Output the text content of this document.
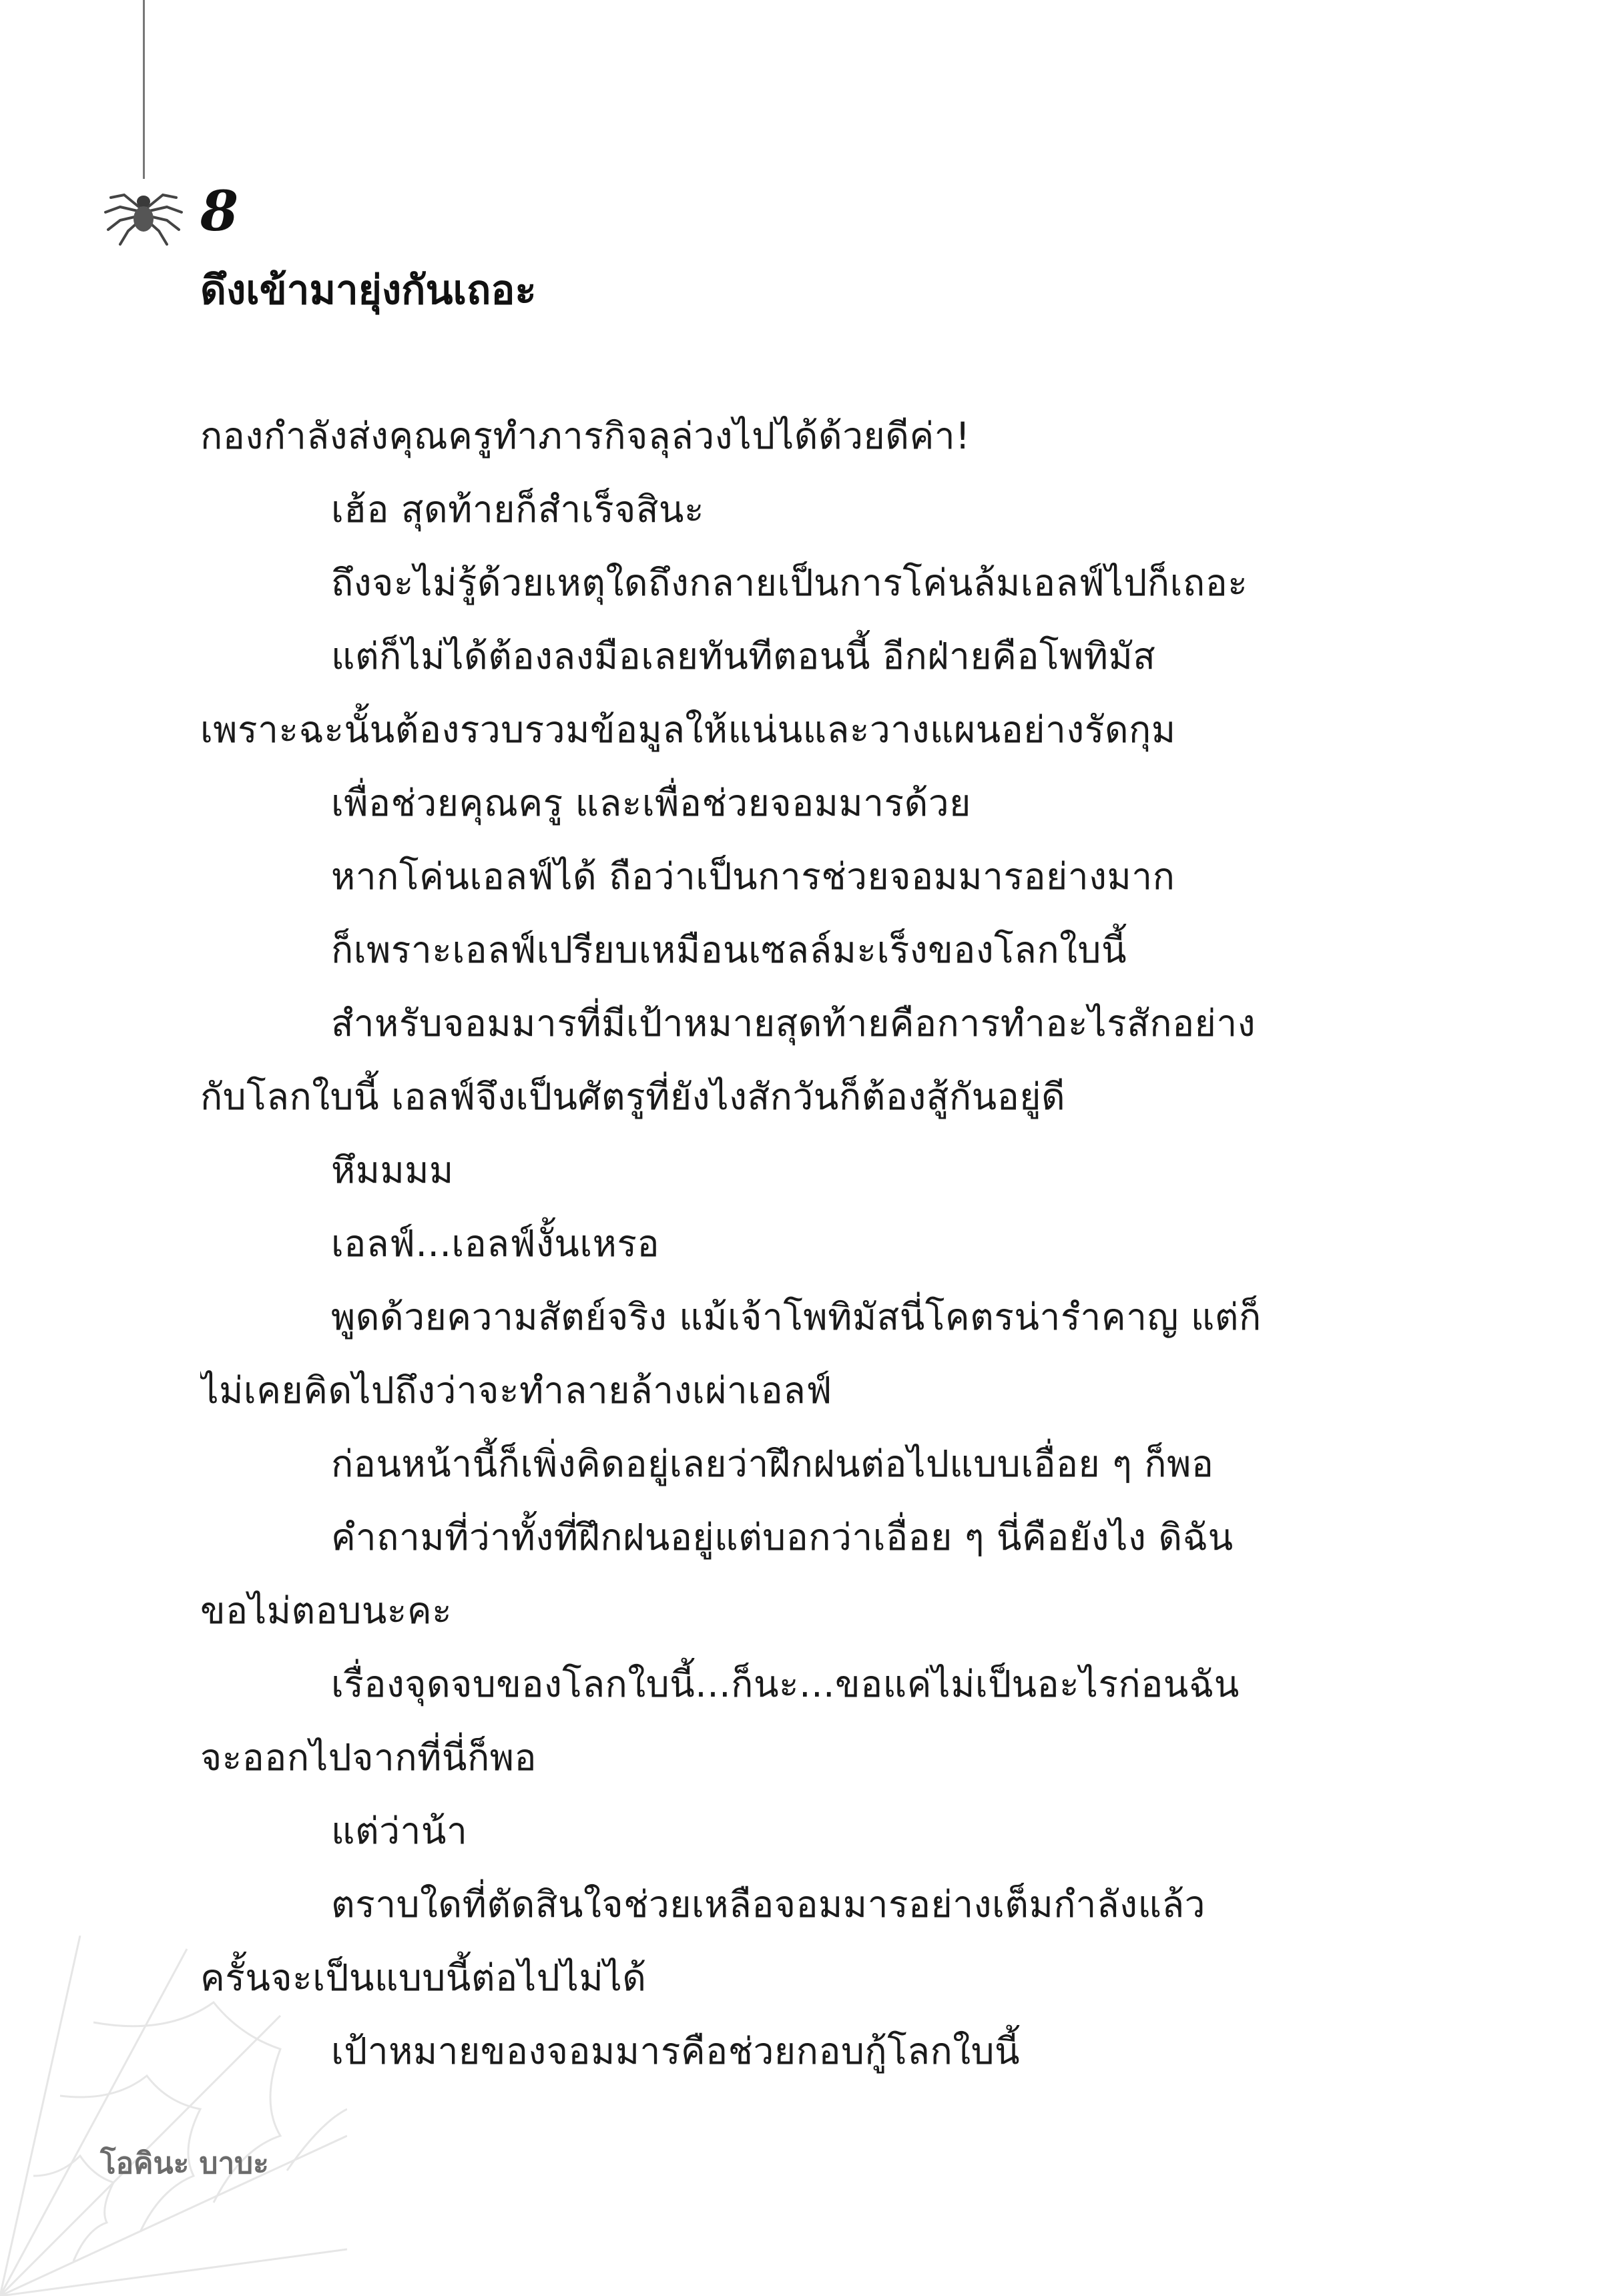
8
ดึงเข้ามายุ่งกันเถอะ

กองกำลังส่งคุณครูทำภารกิจลุล่วงไปได้ด้วยดีค่า!

เฮ้อ สุดท้ายก็สำเร็จสินะ

ถึงจะไม่รู้ด้วยเหตุใดถึงกลายเป็นการโค่นล้มเอลฟ์ไปก็เถอะ

แต่ก็ไม่ได้ต้องลงมือเลยทันทีตอนนี้ อีกฝ่ายคือโพทิมัส

เพราะฉะนั้นต้องรวบรวมข้อมูลให้แน่นและวางแผนอย่างรัดกุม

เพื่อช่วยคุณครู และเพื่อช่วยจอมมารด้วย

หากโค่นเอลฟ์ได้ ถือว่าเป็นการช่วยจอมมารอย่างมาก

ก็เพราะเอลฟ์เปรียบเหมือนเซลล์มะเร็งของโลกใบนี้

สำหรับจอมมารที่มีเป้าหมายสุดท้ายคือการทำอะไรสักอย่าง

กับโลกใบนี้ เอลฟ์จึงเป็นศัตรูที่ยังไงสักวันก็ต้องสู้กันอยู่ดี

หึมมมม

เอลฟ์...เอลฟ์งั้นเหรอ

พูดด้วยความสัตย์จริง แม้เจ้าโพทิมัสนี่โคตรน่ารำคาญ แต่ก็

ไม่เคยคิดไปถึงว่าจะทำลายล้างเผ่าเอลฟ์

ก่อนหน้านี้ก็เพิ่งคิดอยู่เลยว่าฝึกฝนต่อไปแบบเอื่อย ๆ ก็พอ

คำถามที่ว่าทั้งที่ฝึกฝนอยู่แต่บอกว่าเอื่อย ๆ นี่คือยังไง ดิฉัน

ขอไม่ตอบนะคะ

เรื่องจุดจบของโลกใบนี้...ก็นะ...ขอแค่ไม่เป็นอะไรก่อนฉัน

จะออกไปจากที่นี่ก็พอ

แต่ว่าน้า

ตราบใดที่ตัดสินใจช่วยเหลือจอมมารอย่างเต็มกำลังแล้ว

ครั้นจะเป็นแบบนี้ต่อไปไม่ได้

เป้าหมายของจอมมารคือช่วยกอบกู้โลกใบนี้

โอคินะ บาบะ
